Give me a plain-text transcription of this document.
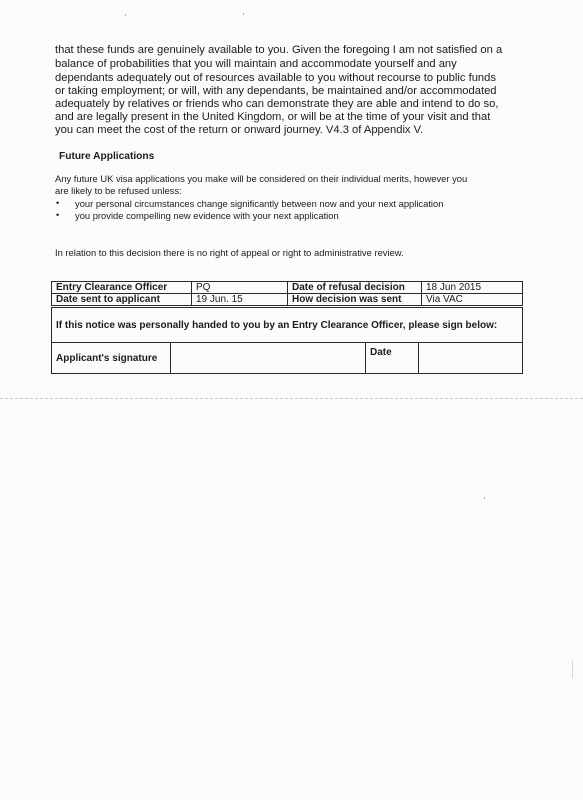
that these funds are genuinely available to you. Given the foregoing I am not satisfied on a

balance of probabilities that you will maintain and accommodate yourself and any

dependants adequately out of resources available to you without recourse to public funds

or taking employment; or will, with any dependants, be maintained and/or accommodated

adequately by relatives or friends who can demonstrate they are able and intend to do so,

and are legally present in the United Kingdom, or will be at the time of your visit and that

you can meet the cost of the return or onward journey. V4.3 of Appendix V.

Future Applications

Any future UK visa applications you make will be considered on their individual merits, however you

are likely to be refused unless:

• your personal circumstances change significantly between now and your next application
• you provide compelling new evidence with your next application

In relation to this decision there is no right of appeal or right to administrative review.

Entry Clearance Officer	PQ	Date of refusal decision	18 Jun 2015
Date sent to applicant	19 Jun. 15	How decision was sent	Via VAC
If this notice was personally handed to you by an Entry Clearance Officer, please sign below:
Applicant's signature		Date	
